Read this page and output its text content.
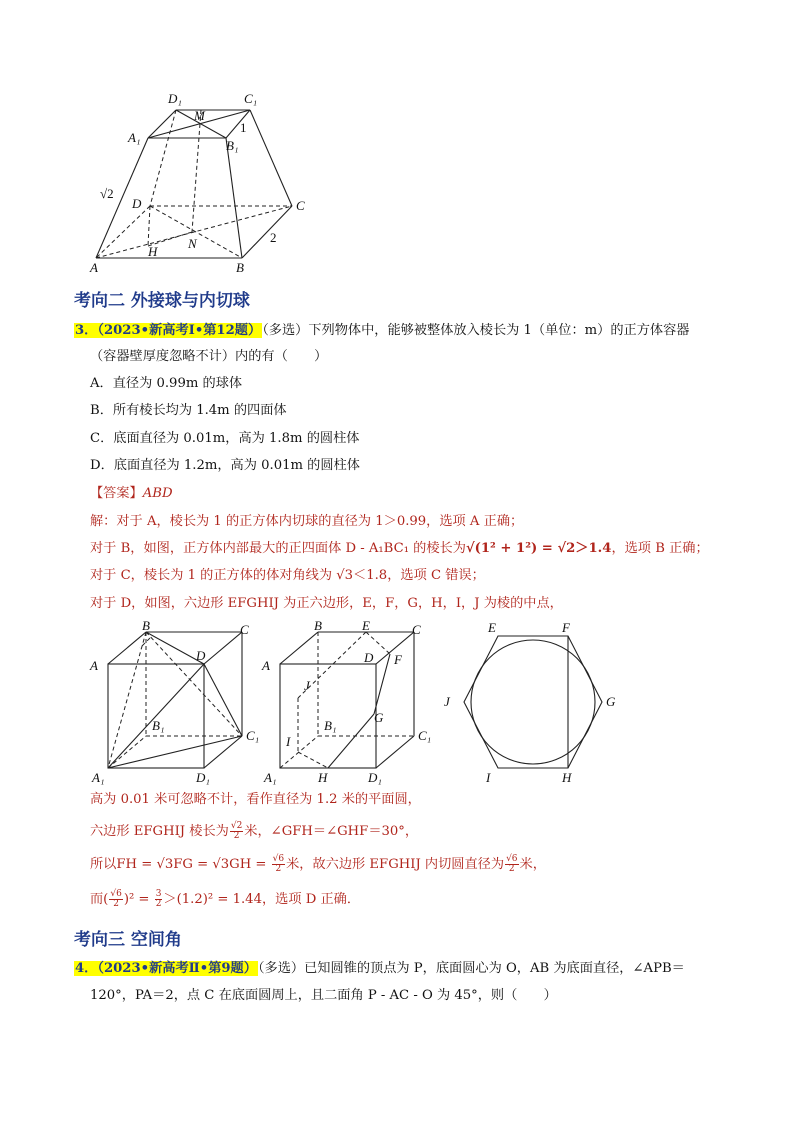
D₁
M
C₁
A₁
B₁
1
√2
D	C
H
N	2
A	B
考向二 外接球与内切球
3．（2023•新高考Ⅰ•第12题）（多选）下列物体中，能够被整体放入棱长为 1（单位：m）的正方体容器
（容器壁厚度忽略不计）内的有（　　）
A．直径为 0.99m 的球体
B．所有棱长均为 1.4m 的四面体
C．底面直径为 0.01m，高为 1.8m 的圆柱体
D．底面直径为 1.2m，高为 0.01m 的圆柱体
【答案】ABD
解：对于 A，棱长为 1 的正方体内切球的直径为 1＞0.99，选项 A 正确；
对于 B，如图，正方体内部最大的正四面体 D - A₁BC₁ 的棱长为√(1² + 1²) = √2＞1.4，选项 B 正确；
对于 C，棱长为 1 的正方体的体对角线为 √3＜1.8，选项 C 错误；
对于 D，如图，六边形 EFGHIJ 为正六边形，E，F，G，H，I，J 为棱的中点，
B	C
A
D
B₁
C₁
A₁	D₁
B	E	C
A
D F
J
B₁
G
C₁
I
A₁	H	D₁
E	F
J	G
I	H
高为 0.01 米可忽略不计，看作直径为 1.2 米的平面圆，
六边形 EFGHIJ 棱长为 $\frac{√2}{2}$ 米，∠GFH＝∠GHF＝30°，
所以FH = $√3FG = √3GH = \frac{√6}{2}$ 米，故六边形 EFGHIJ 内切圆直径为 $\frac{√6}{2}$ 米，
而( $\frac{√6}{2} )^2 = \frac{3}{2} >(1.2)^2 = 1.44$，选项 D 正确．
考向三 空间角
4．（2023•新高考Ⅱ•第9题）（多选）已知圆锥的顶点为 P，底面圆心为 O，AB 为底面直径，∠APB＝
120°，PA＝2，点 C 在底面圆周上，且二面角 P - AC - O 为 45°，则（　　）
